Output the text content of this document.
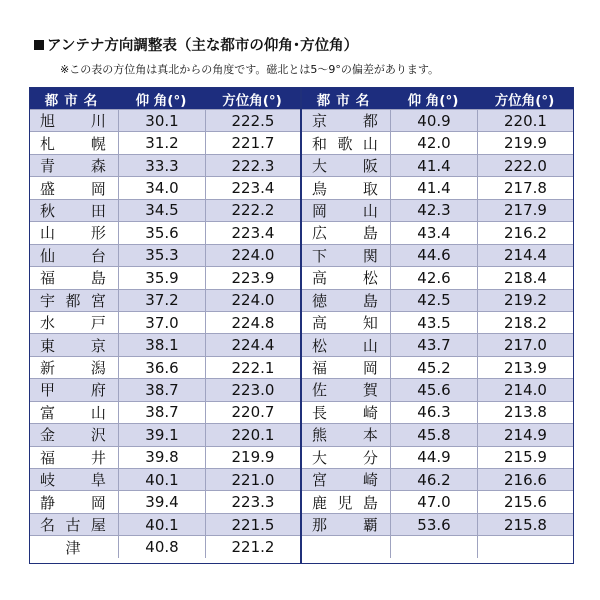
アンテナ方向調整表（主な都市の仰角･方位角）
※この表の方位角は真北からの角度です。磁北とは5～9°の偏差があります。
都市名	仰 角(°)	方位角(°)
旭 川	30.1	222.5
札 幌	31.2	221.7
青 森	33.3	222.3
盛 岡	34.0	223.4
秋 田	34.5	222.2
山 形	35.6	223.4
仙 台	35.3	224.0
福 島	35.9	223.9
宇 都 宮	37.2	224.0
水 戸	37.0	224.8
東 京	38.1	224.4
新 潟	36.6	222.1
甲 府	38.7	223.0
富 山	38.7	220.7
金 沢	39.1	220.1
福 井	39.8	219.9
岐 阜	40.1	221.0
静 岡	39.4	223.3
名 古 屋	40.1	221.5
津	40.8	221.2
都市名	仰 角(°)	方位角(°)
京 都	40.9	220.1
和 歌 山	42.0	219.9
大 阪	41.4	222.0
鳥 取	41.4	217.8
岡 山	42.3	217.9
広 島	43.4	216.2
下 関	44.6	214.4
高 松	42.6	218.4
徳 島	42.5	219.2
高 知	43.5	218.2
松 山	43.7	217.0
福 岡	45.2	213.9
佐 賀	45.6	214.0
長 崎	46.3	213.8
熊 本	45.8	214.9
大 分	44.9	215.9
宮 崎	46.2	216.6
鹿 児 島	47.0	215.6
那 覇	53.6	215.8
